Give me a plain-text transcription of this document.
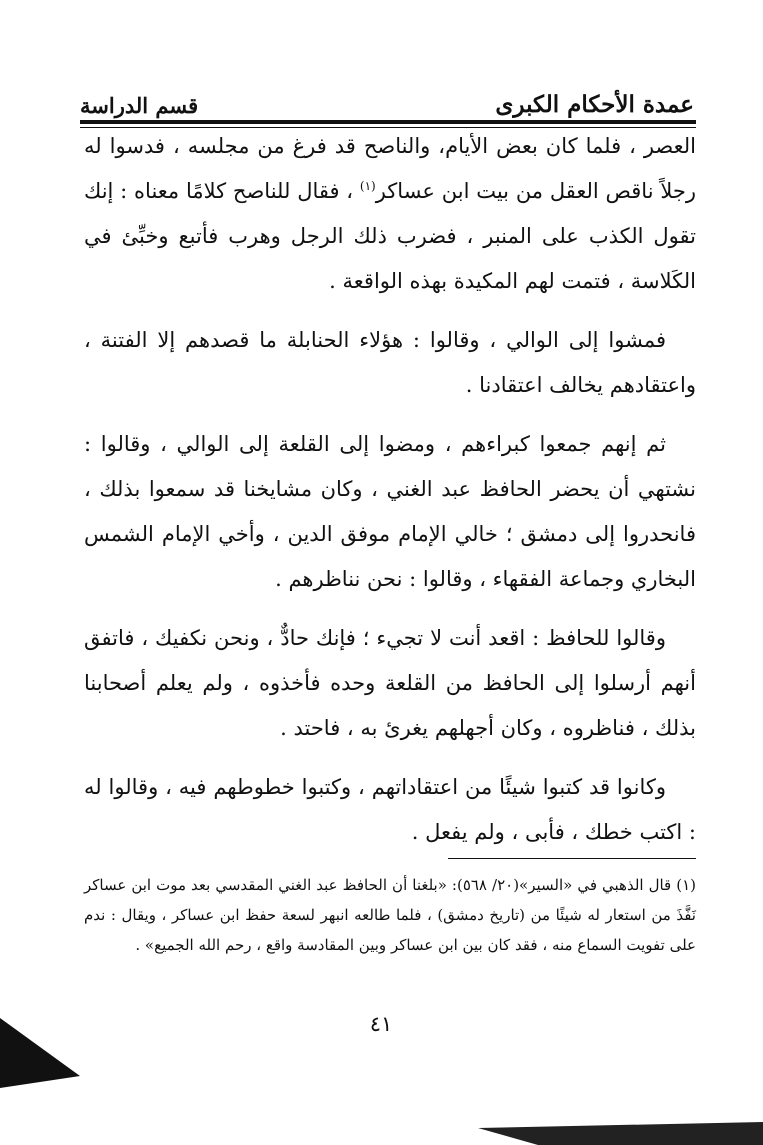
عمدة الأحكام الكبرى
قسم الدراسة

العصر ، فلما كان بعض الأيام، والناصح قد فرغ من مجلسه ، فدسوا له رجلاً ناقص العقل من بيت ابن عساكر$^{(١)}$ ، فقال للناصح كلامًا معناه : إنك تقول الكذب على المنبر ، فضرب ذلك الرجل وهرب فأتبع وخبِّئ في الكَلاسة ، فتمت لهم المكيدة بهذه الواقعة .

فمشوا إلى الوالي ، وقالوا : هؤلاء الحنابلة ما قصدهم إلا الفتنة ، واعتقادهم يخالف اعتقادنا .

ثم إنهم جمعوا كبراءهم ، ومضوا إلى القلعة إلى الوالي ، وقالوا : نشتهي أن يحضر الحافظ عبد الغني ، وكان مشايخنا قد سمعوا بذلك ، فانحدروا إلى دمشق ؛ خالي الإمام موفق الدين ، وأخي الإمام الشمس البخاري وجماعة الفقهاء ، وقالوا : نحن نناظرهم .

وقالوا للحافظ : اقعد أنت لا تجيء ؛ فإنك حادٌّ ، ونحن نكفيك ، فاتفق أنهم أرسلوا إلى الحافظ من القلعة وحده فأخذوه ، ولم يعلم أصحابنا بذلك ، فناظروه ، وكان أجهلهم يغرئ به ، فاحتد .

وكانوا قد كتبوا شيئًا من اعتقاداتهم ، وكتبوا خطوطهم فيه ، وقالوا له : اكتب خطك ، فأبى ، ولم يفعل .

(١) قال الذهبي في «السير»(٢٠/ ٥٦٨): «بلغنا أن الحافظ عبد الغني المقدسي بعد موت ابن عساكر نَفَّذَ من استعار له شيئًا من (تاريخ دمشق) ، فلما طالعه انبهر لسعة حفظ ابن عساكر ، ويقال : ندم على تفويت السماع منه ، فقد كان بين ابن عساكر وبين المقادسة واقع ، رحم الله الجميع» .

٤١
